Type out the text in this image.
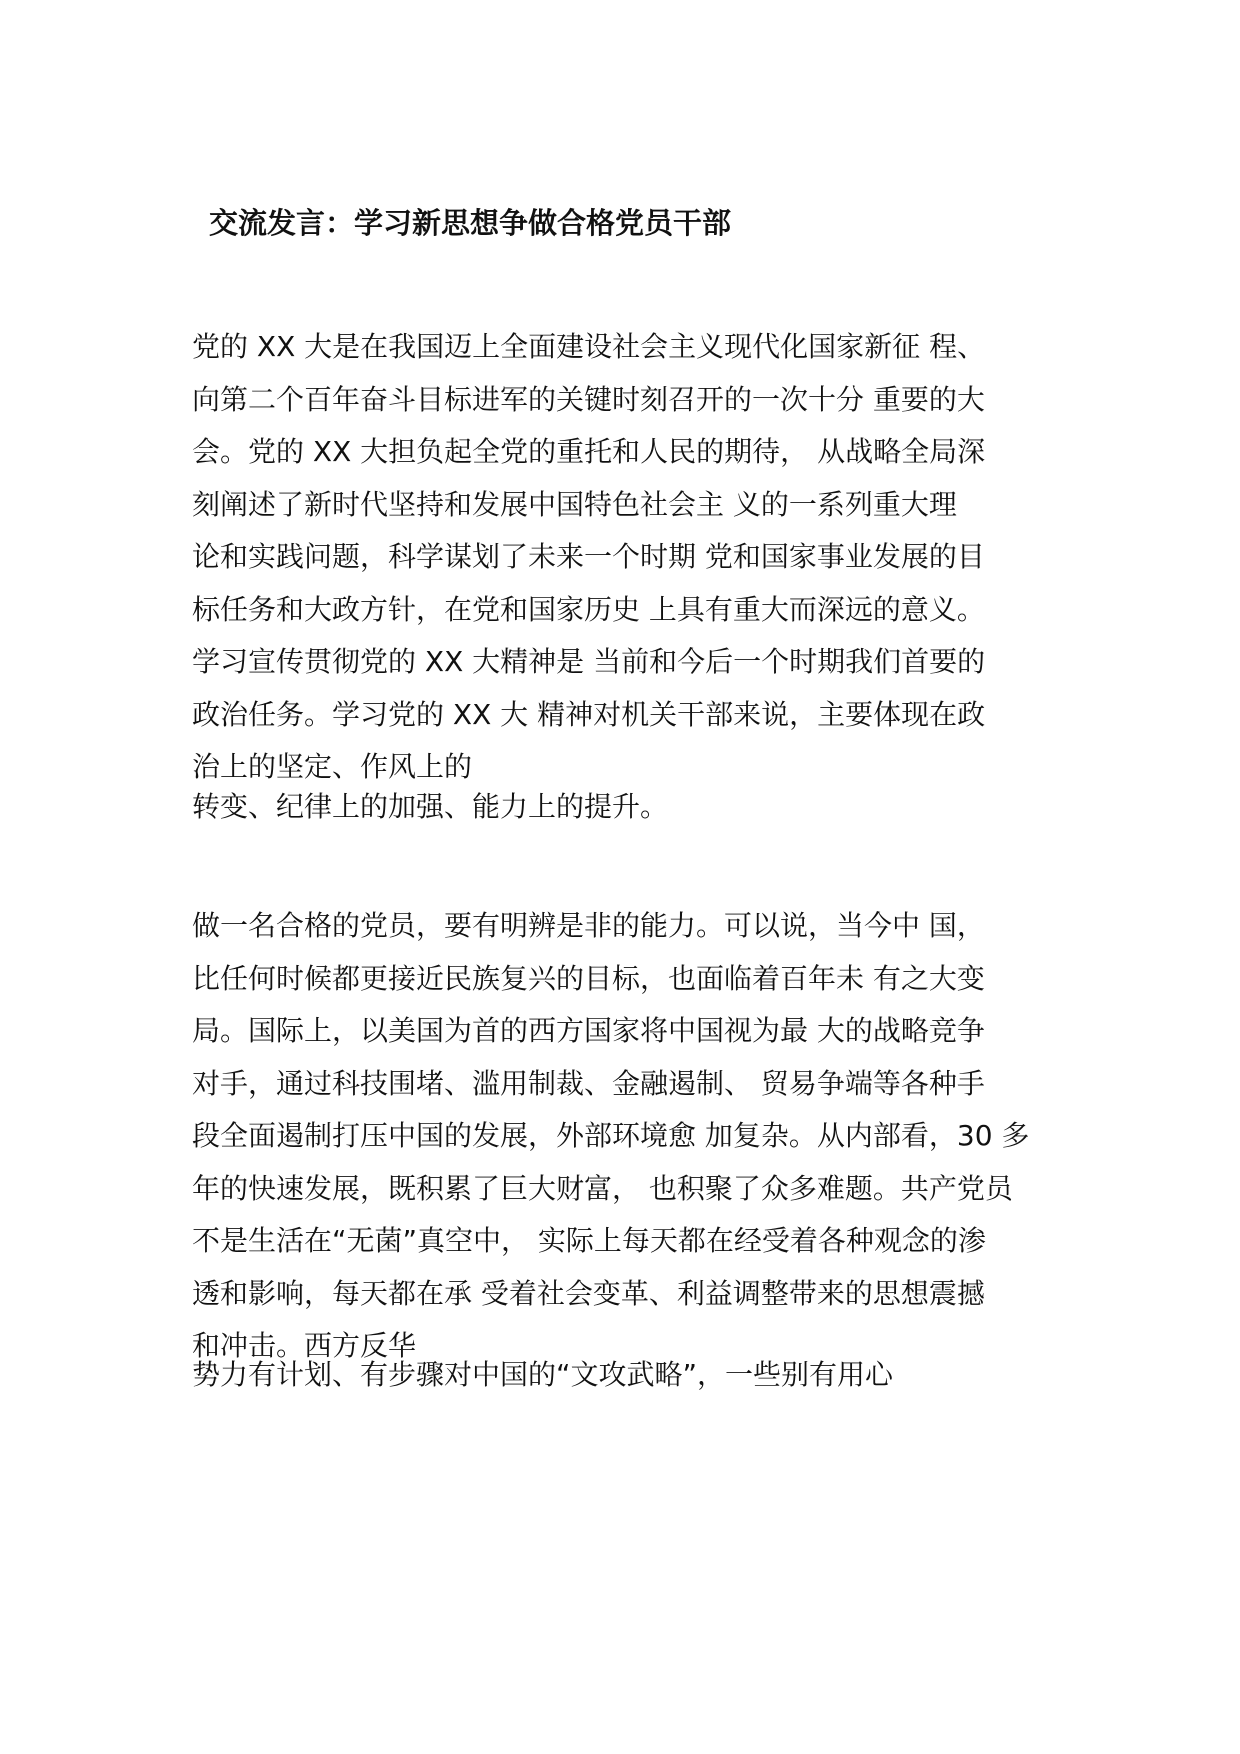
交流发言：学习新思想争做合格党员干部

党的 XX 大是在我国迈上全面建设社会主义现代化国家新征 程、
向第二个百年奋斗目标进军的关键时刻召开的一次十分 重要的大
会。党的 XX 大担负起全党的重托和人民的期待， 从战略全局深
刻阐述了新时代坚持和发展中国特色社会主 义的一系列重大理
论和实践问题，科学谋划了未来一个时期 党和国家事业发展的目
标任务和大政方针，在党和国家历史 上具有重大而深远的意义。
学习宣传贯彻党的 XX 大精神是 当前和今后一个时期我们首要的
政治任务。学习党的 XX 大 精神对机关干部来说，主要体现在政
治上的坚定、作风上的

转变、纪律上的加强、能力上的提升。

做一名合格的党员，要有明辨是非的能力。可以说，当今中 国，
比任何时候都更接近民族复兴的目标，也面临着百年未 有之大变
局。国际上，以美国为首的西方国家将中国视为最 大的战略竞争
对手，通过科技围堵、滥用制裁、金融遏制、 贸易争端等各种手
段全面遏制打压中国的发展，外部环境愈 加复杂。从内部看，30 多
年的快速发展，既积累了巨大财富， 也积聚了众多难题。共产党员
不是生活在“无菌”真空中， 实际上每天都在经受着各种观念的渗
透和影响，每天都在承 受着社会变革、利益调整带来的思想震撼
和冲击。西方反华

势力有计划、有步骤对中国的“文攻武略”，一些别有用心
